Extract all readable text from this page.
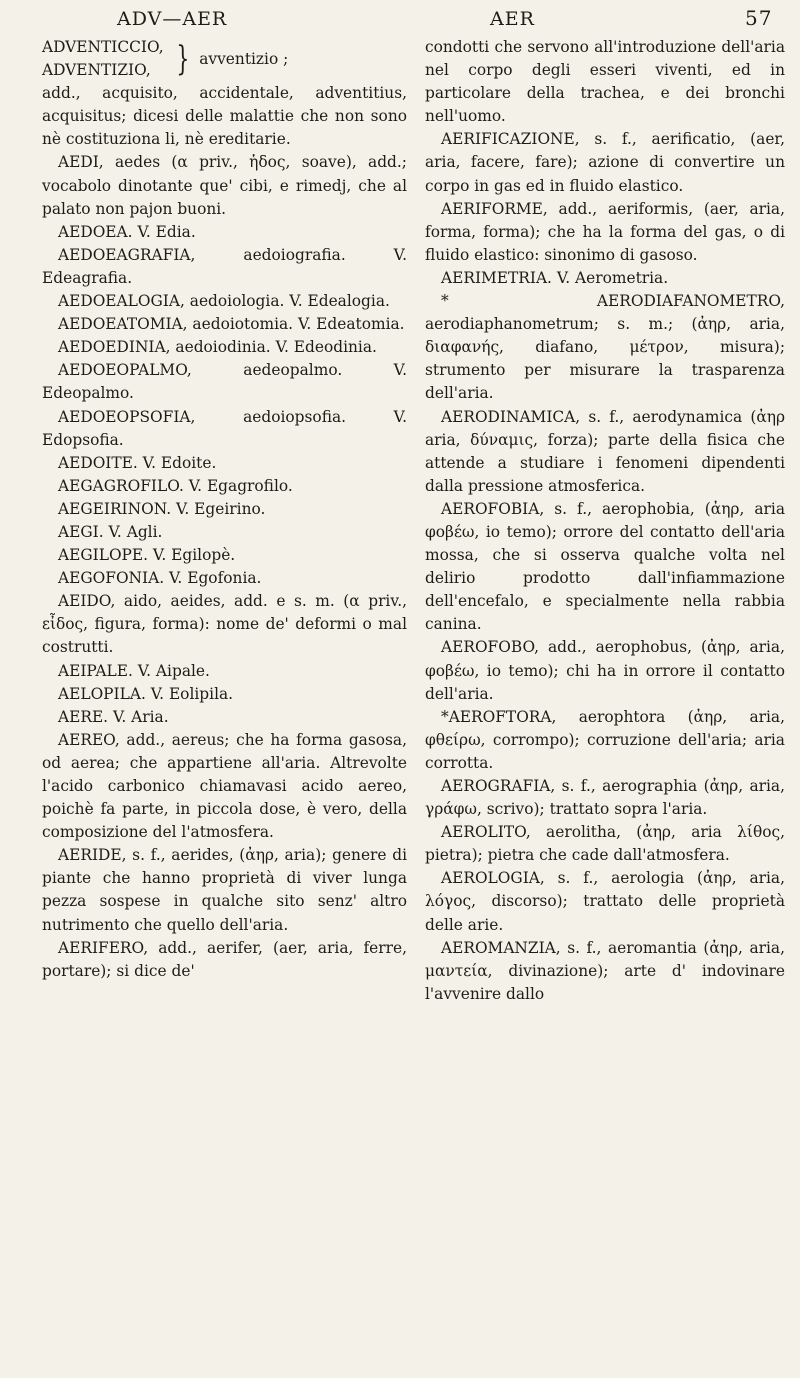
ADV—AER	AER	57
ADVENTICCIO,
ADVENTIZIO, } avventizio ;

add., acquisito, accidentale, adventitius, acquisitus; dicesi delle malattie che non sono nè costituziona li, nè ereditarie.

AEDI, aedes (α priv., ἡδος, soave), add.; vocabolo dinotante que' cibi, e rimedj, che al palato non pajon buoni.

AEDOEA. V. Edia.

AEDOEAGRAFIA, aedoiografia. V. Edeagrafia.

AEDOEALOGIA, aedoiologia. V. Edealogia.

AEDOEATOMIA, aedoiotomia. V. Edeatomia.

AEDOEDINIA, aedoiodinia. V. Edeodinia.

AEDOEOPALMO, aedeopalmo. V. Edeopalmo.

AEDOEOPSOFIA, aedoiopsofia. V. Edopsofia.

AEDOITE. V. Edoite.

AEGAGROFILO. V. Egagrofilo.

AEGEIRINON. V. Egeirino.

AEGI. V. Agli.

AEGILOPE. V. Egilopè.

AEGOFONIA. V. Egofonia.

AEIDO, aido, aeides, add. e s. m. (α priv., εἶδος, figura, forma): nome de' deformi o mal costrutti.

AEIPALE. V. Aipale.

AELOPILA. V. Eolipila.

AERE. V. Aria.

AEREO, add., aereus; che ha forma gasosa, od aerea; che appartiene all'aria. Altrevolte l'acido carbonico chiamavasi acido aereo, poichè fa parte, in piccola dose, è vero, della composizione del l'atmosfera.

AERIDE, s. f., aerides, (ἀηρ, aria); genere di piante che hanno proprietà di viver lunga pezza sospese in qualche sito senz' altro nutrimento che quello dell'aria.

AERIFERO, add., aerifer, (aer, aria, ferre, portare); si dice de'

condotti che servono all'introduzione dell'aria nel corpo degli esseri viventi, ed in particolare della trachea, e dei bronchi nell'uomo.

AERIFICAZIONE, s. f., aerificatio, (aer, aria, facere, fare); azione di convertire un corpo in gas ed in fluido elastico.

AERIFORME, add., aeriformis, (aer, aria, forma, forma); che ha la forma del gas, o di fluido elastico: sinonimo di gasoso.

AERIMETRIA. V. Aerometria.

* AERODIAFANOMETRO, aerodiaphanometrum; s. m.; (ἀηρ, aria, διαφανής, diafano, μέτρον, misura); strumento per misurare la trasparenza dell'aria.

AERODINAMICA, s. f., aerodynamica (ἀηρ aria, δύναμις, forza); parte della fisica che attende a studiare i fenomeni dipendenti dalla pressione atmosferica.

AEROFOBIA, s. f., aerophobia, (ἀηρ, aria φοβέω, io temo); orrore del contatto dell'aria mossa, che si osserva qualche volta nel delirio prodotto dall'infiammazione dell'encefalo, e specialmente nella rabbia canina.

AEROFOBO, add., aerophobus, (ἀηρ, aria, φοβέω, io temo); chi ha in orrore il contatto dell'aria.

*AEROFTORA, aerophtora (ἀηρ, aria, φθείρω, corrompo); corruzione dell'aria; aria corrotta.

AEROGRAFIA, s. f., aerographia (ἀηρ, aria, γράφω, scrivo); trattato sopra l'aria.

AEROLITO, aerolitha, (ἀηρ, aria λίθος, pietra); pietra che cade dall'atmosfera.

AEROLOGIA, s. f., aerologia (ἀηρ, aria, λόγος, discorso); trattato delle proprietà delle arie.

AEROMANZIA, s. f., aeromantia (ἀηρ, aria, μαντεία, divinazione); arte d' indovinare l'avvenire dallo
